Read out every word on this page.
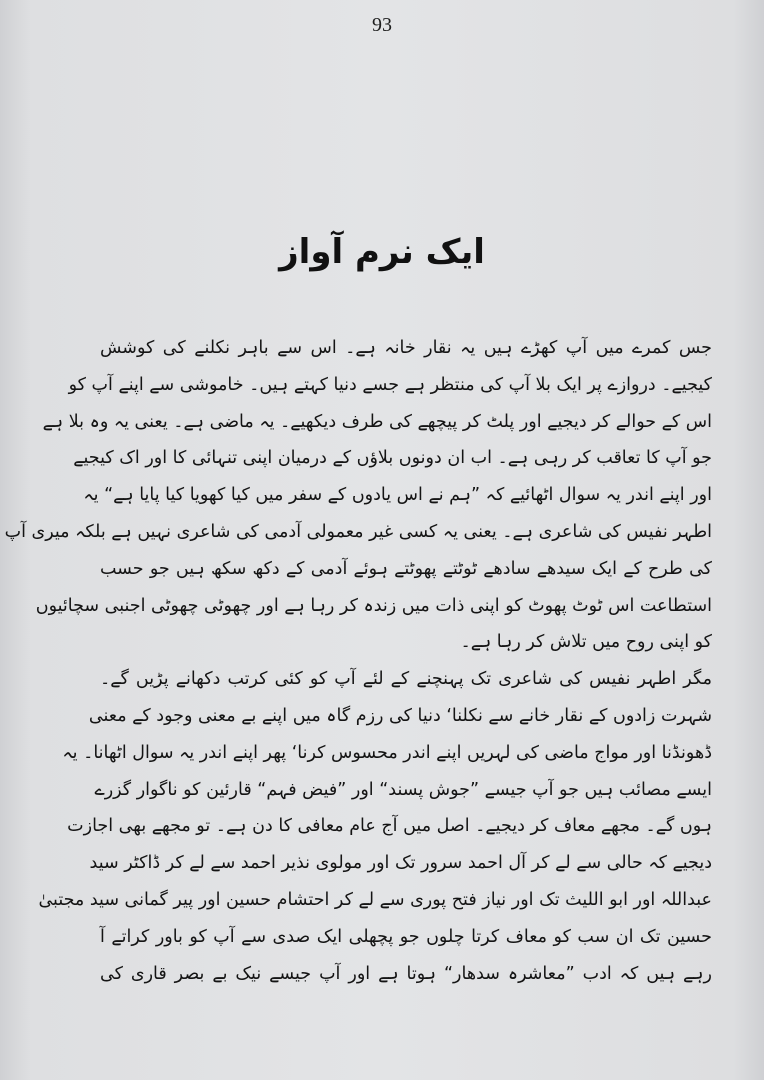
93
ایک نرم آواز
جس کمرے میں آپ کھڑے ہیں یہ نقار خانہ ہے۔ اس سے باہر نکلنے کی کوشش
کیجیے۔ دروازے پر ایک بلا آپ کی منتظر ہے جسے دنیا کہتے ہیں۔ خاموشی سے اپنے آپ کو
اس کے حوالے کر دیجیے اور پلٹ کر پیچھے کی طرف دیکھیے۔ یہ ماضی ہے۔ یعنی یہ وہ بلا ہے
جو آپ کا تعاقب کر رہی ہے۔ اب ان دونوں بلاؤں کے درمیان اپنی تنہائی کا اور اک کیجیے
اور اپنے اندر یہ سوال اٹھائیے کہ ”ہم نے اس یادوں کے سفر میں کیا کھویا کیا پایا ہے“ یہ
اطہر نفیس کی شاعری ہے۔ یعنی یہ کسی غیر معمولی آدمی کی شاعری نہیں ہے بلکہ میری آپ
کی طرح کے ایک سیدھے سادھے ٹوٹتے پھوٹتے ہوئے آدمی کے دکھ سکھ ہیں جو حسب
استطاعت اس ٹوٹ پھوٹ کو اپنی ذات میں زندہ کر رہا ہے اور چھوٹی چھوٹی اجنبی سچائیوں
کو اپنی روح میں تلاش کر رہا ہے۔
مگر اطہر نفیس کی شاعری تک پہنچنے کے لئے آپ کو کئی کرتب دکھانے پڑیں گے۔
شہرت زادوں کے نقار خانے سے نکلنا‘ دنیا کی رزم گاہ میں اپنے بے معنی وجود کے معنی
ڈھونڈنا اور مواج ماضی کی لہریں اپنے اندر محسوس کرنا‘ پھر اپنے اندر یہ سوال اٹھانا۔ یہ
ایسے مصائب ہیں جو آپ جیسے ”جوش پسند“ اور ”فیض فہم“ قارئین کو ناگوار گزرے
ہوں گے۔ مجھے معاف کر دیجیے۔ اصل میں آج عام معافی کا دن ہے۔ تو مجھے بھی اجازت
دیجیے کہ حالی سے لے کر آل احمد سرور تک اور مولوی نذیر احمد سے لے کر ڈاکٹر سید
عبداللہ اور ابو اللیث تک اور نیاز فتح پوری سے لے کر احتشام حسین اور پیر گمانی سید مجتبیٰ
حسین تک ان سب کو معاف کرتا چلوں جو پچھلی ایک صدی سے آپ کو باور کراتے آ
رہے ہیں کہ ادب ”معاشرہ سدھار“ ہوتا ہے اور آپ جیسے نیک بے بصر قاری کی
